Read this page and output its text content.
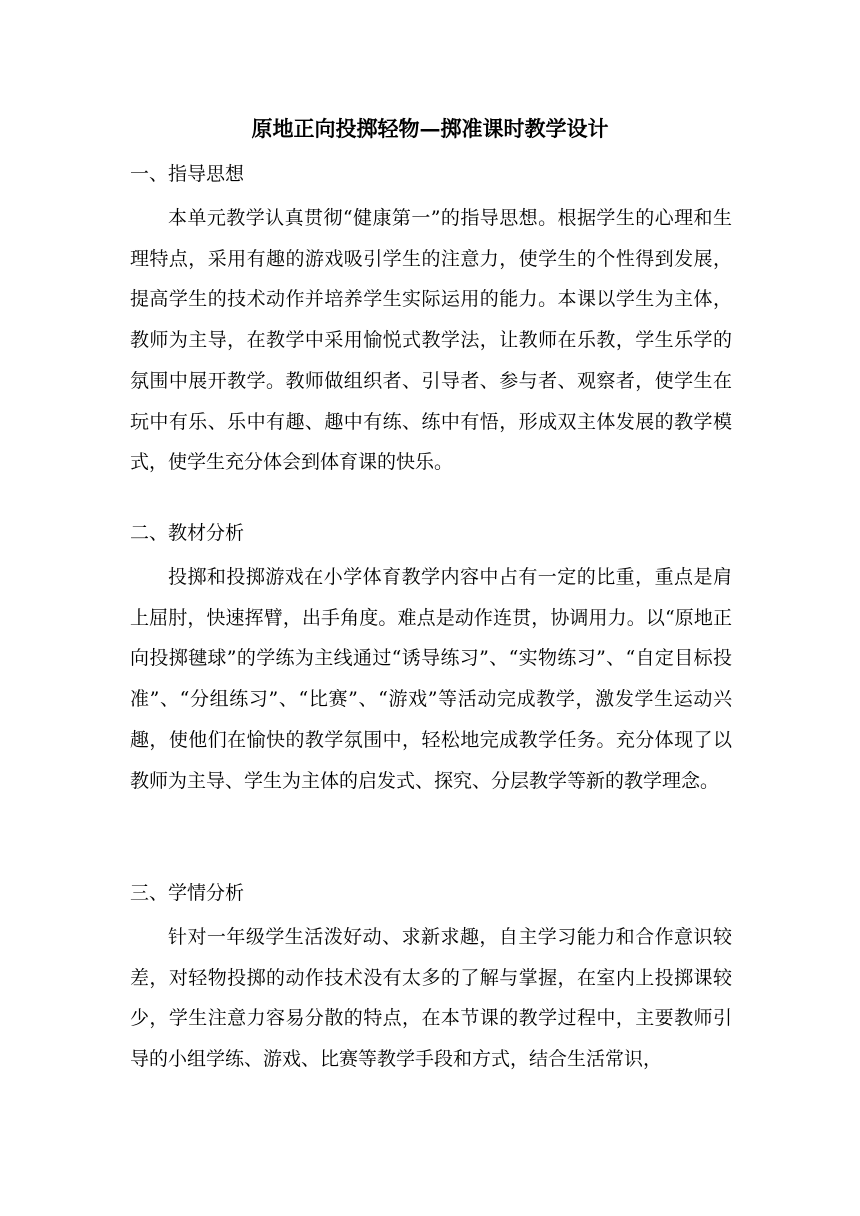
原地正向投掷轻物—掷准课时教学设计
一、指导思想
本单元教学认真贯彻“健康第一”的指导思想。根据学生的心理和生理特点，采用有趣的游戏吸引学生的注意力，使学生的个性得到发展，提高学生的技术动作并培养学生实际运用的能力。本课以学生为主体，教师为主导，在教学中采用愉悦式教学法，让教师在乐教，学生乐学的氛围中展开教学。教师做组织者、引导者、参与者、观察者，使学生在玩中有乐、乐中有趣、趣中有练、练中有悟，形成双主体发展的教学模式，使学生充分体会到体育课的快乐。
二、教材分析
投掷和投掷游戏在小学体育教学内容中占有一定的比重，重点是肩上屈肘，快速挥臂，出手角度。难点是动作连贯，协调用力。以“原地正向投掷毽球”的学练为主线通过“诱导练习”、“实物练习”、“自定目标投准”、“分组练习”、“比赛”、“游戏”等活动完成教学，激发学生运动兴趣，使他们在愉快的教学氛围中，轻松地完成教学任务。充分体现了以教师为主导、学生为主体的启发式、探究、分层教学等新的教学理念。
三、学情分析
针对一年级学生活泼好动、求新求趣，自主学习能力和合作意识较差，对轻物投掷的动作技术没有太多的了解与掌握，在室内上投掷课较少，学生注意力容易分散的特点，在本节课的教学过程中，主要教师引导的小组学练、游戏、比赛等教学手段和方式，结合生活常识，
